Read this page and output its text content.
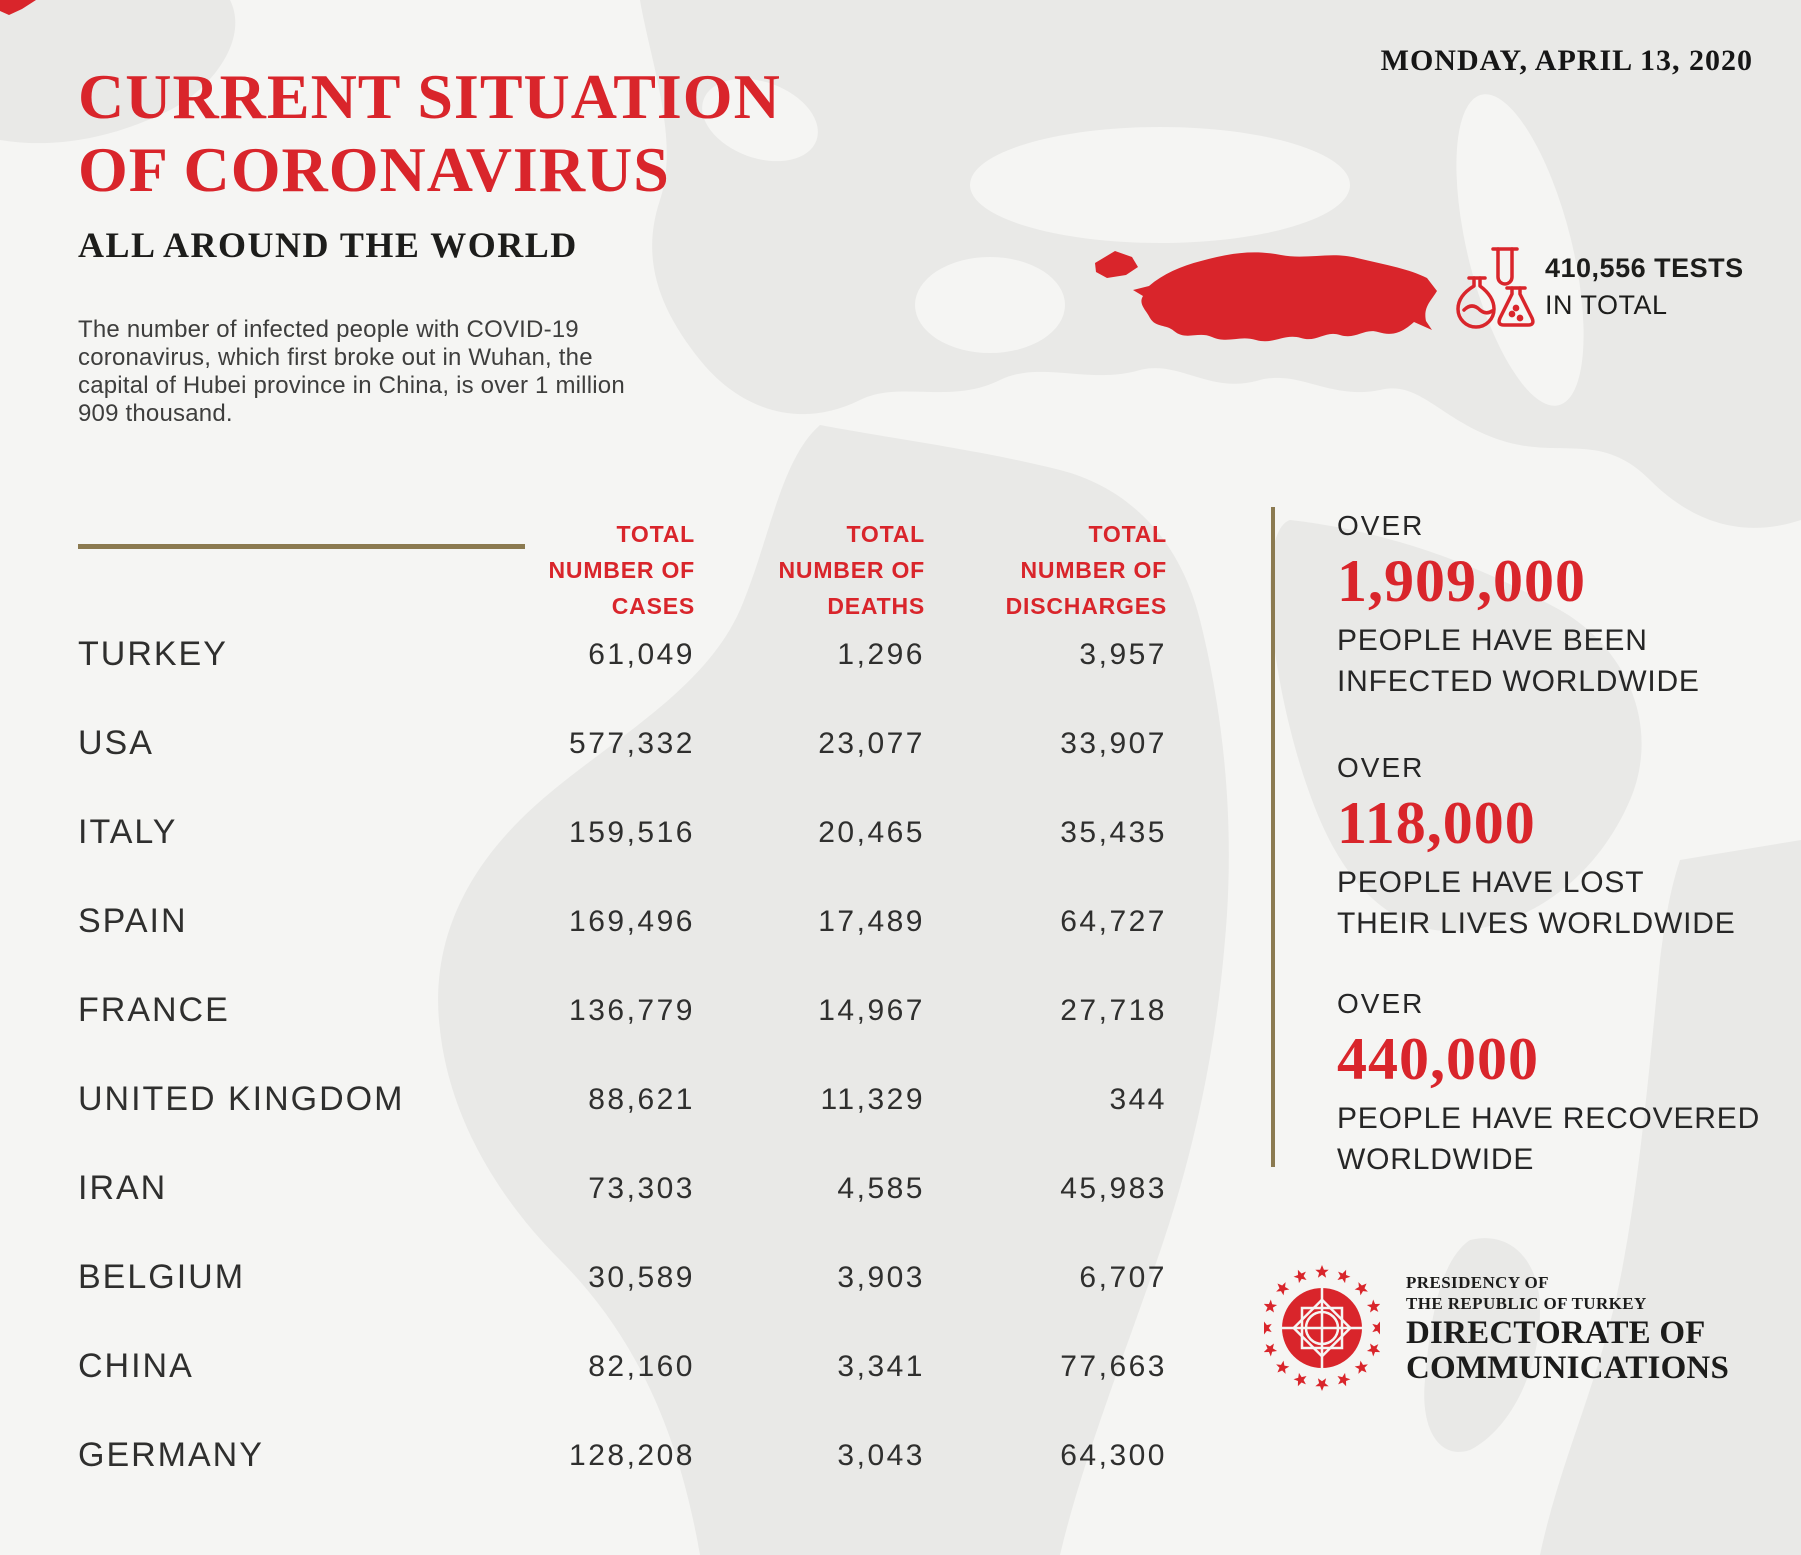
MONDAY, APRIL 13, 2020
CURRENT SITUATION
OF CORONAVIRUS
ALL AROUND THE WORLD
The number of infected people with COVID-19
coronavirus, which first broke out in Wuhan, the
capital of Hubei province in China, is over 1 million
909 thousand.
410,556 TESTS
IN TOTAL
TOTAL
NUMBER OF
CASES
TOTAL
NUMBER OF
DEATHS
TOTAL
NUMBER OF
DISCHARGES
TURKEY	61,049	1,296	3,957
USA	577,332	23,077	33,907
ITALY	159,516	20,465	35,435
SPAIN	169,496	17,489	64,727
FRANCE	136,779	14,967	27,718
UNITED KINGDOM	88,621	11,329	344
IRAN	73,303	4,585	45,983
BELGIUM	30,589	3,903	6,707
CHINA	82,160	3,341	77,663
GERMANY	128,208	3,043	64,300
OVER
1,909,000
PEOPLE HAVE BEEN
INFECTED WORLDWIDE
OVER
118,000
PEOPLE HAVE LOST
THEIR LIVES WORLDWIDE
OVER
440,000
PEOPLE HAVE RECOVERED
WORLDWIDE
PRESIDENCY OF
THE REPUBLIC OF TURKEY
DIRECTORATE OF
COMMUNICATIONS
